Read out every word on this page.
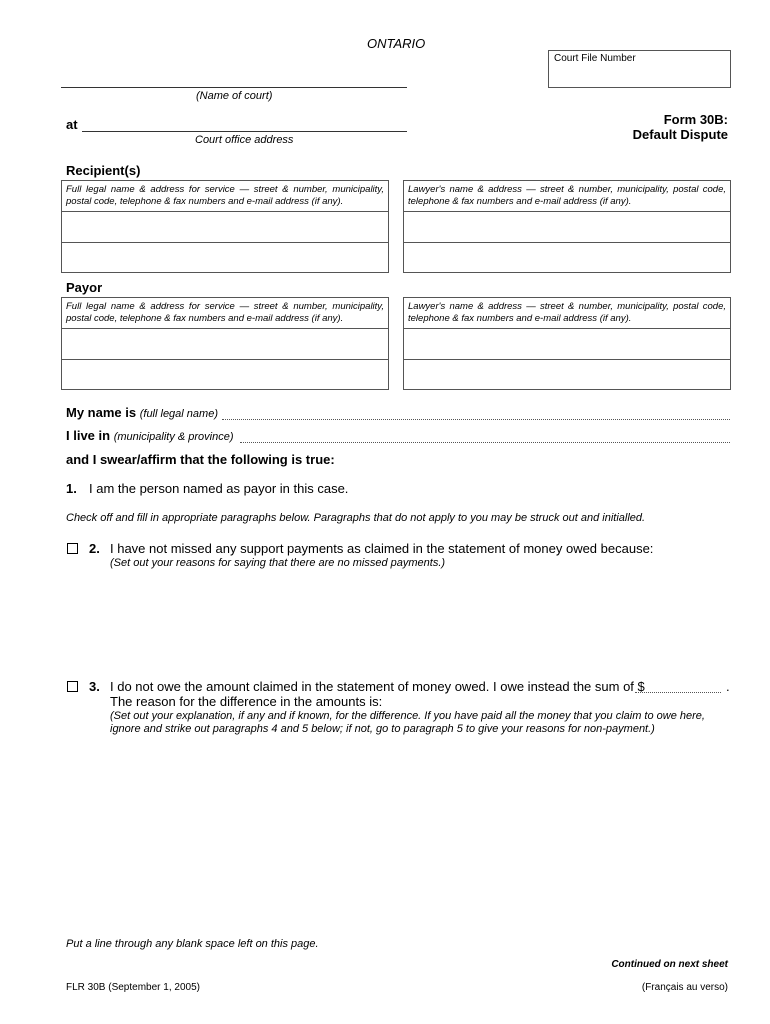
ONTARIO
Court File Number
(Name of court)
at
Court office address
Form 30B:
Default Dispute
Recipient(s)
Full legal name & address for service — street & number, municipality, postal code, telephone & fax numbers and e-mail address (if any).
Lawyer's name & address — street & number, municipality, postal code, telephone & fax numbers and e-mail address (if any).
Payor
Full legal name & address for service — street & number, municipality, postal code, telephone & fax numbers and e-mail address (if any).
Lawyer's name & address — street & number, municipality, postal code, telephone & fax numbers and e-mail address (if any).
My name is (full legal name)
I live in (municipality & province)
and I swear/affirm that the following is true:
1. I am the person named as payor in this case.
Check off and fill in appropriate paragraphs below. Paragraphs that do not apply to you may be struck out and initialled.
2. I have not missed any support payments as claimed in the statement of money owed because:
(Set out your reasons for saying that there are no missed payments.)
3. I do not owe the amount claimed in the statement of money owed. I owe instead the sum of $	.
The reason for the difference in the amounts is:
(Set out your explanation, if any and if known, for the difference. If you have paid all the money that you claim to owe here,
ignore and strike out paragraphs 4 and 5 below; if not, go to paragraph 5 to give your reasons for non-payment.)
Put a line through any blank space left on this page.
Continued on next sheet
FLR 30B (September 1, 2005)	(Français au verso)
